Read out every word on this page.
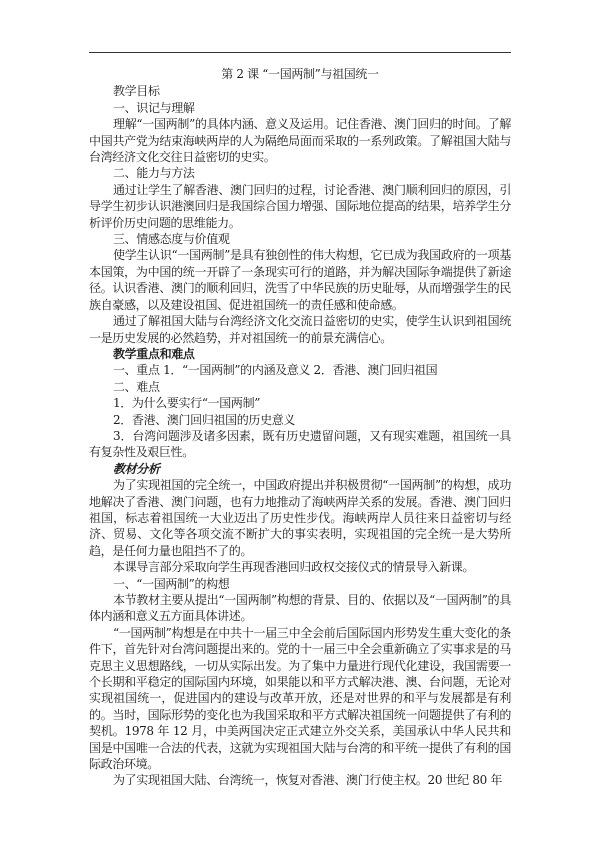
第 2 课 “一国两制”与祖国统一
教学目标
一、识记与理解

理解“一国两制”的具体内涵、意义及运用。记住香港、澳门回归的时间。了解中国共产党为结束海峡两岸的人为隔绝局面而采取的一系列政策。了解祖国大陆与台湾经济文化交往日益密切的史实。

二、能力与方法

通过让学生了解香港、澳门回归的过程，讨论香港、澳门顺利回归的原因，引导学生初步认识港澳回归是我国综合国力增强、国际地位提高的结果，培养学生分析评价历史问题的思维能力。

三、情感态度与价值观

使学生认识“一国两制”是具有独创性的伟大构想，它已成为我国政府的一项基本国策，为中国的统一开辟了一条现实可行的道路，并为解决国际争端提供了新途径。认识香港、澳门的顺利回归，洗雪了中华民族的历史耻辱，从而增强学生的民族自豪感，以及建设祖国、促进祖国统一的责任感和使命感。

通过了解祖国大陆与台湾经济文化交流日益密切的史实，使学生认识到祖国统一是历史发展的必然趋势，并对祖国统一的前景充满信心。

教学重点和难点
一、重点 1．“一国两制”的内涵及意义 2．香港、澳门回归祖国
二、难点
1．为什么要实行“一国两制”
2．香港、澳门回归祖国的历史意义

3．台湾问题涉及诸多因素，既有历史遗留问题，又有现实难题，祖国统一具有复杂性及艰巨性。

教材分析

为了实现祖国的完全统一，中国政府提出并积极贯彻“一国两制”的构想，成功地解决了香港、澳门问题，也有力地推动了海峡两岸关系的发展。香港、澳门回归祖国，标志着祖国统一大业迈出了历史性步伐。海峡两岸人员往来日益密切与经济、贸易、文化等各项交流不断扩大的事实表明，实现祖国的完全统一是大势所趋，是任何力量也阻挡不了的。

本课导言部分采取向学生再现香港回归政权交接仪式的情景导入新课。

一、“一国两制”的构想

本节教材主要从提出“一国两制”构想的背景、目的、依据以及“一国两制”的具体内涵和意义五方面具体讲述。

“一国两制”构想是在中共十一届三中全会前后国际国内形势发生重大变化的条件下，首先针对台湾问题提出来的。党的十一届三中全会重新确立了实事求是的马克思主义思想路线，一切从实际出发。为了集中力量进行现代化建设，我国需要一个长期和平稳定的国际国内环境，如果能以和平方式解决港、澳、台问题，无论对实现祖国统一，促进国内的建设与改革开放，还是对世界的和平与发展都是有利的。当时，国际形势的变化也为我国采取和平方式解决祖国统一问题提供了有利的契机。1978 年 12 月，中美两国决定正式建立外交关系，美国承认中华人民共和国是中国唯一合法的代表，这就为实现祖国大陆与台湾的和平统一提供了有利的国际政治环境。

为了实现祖国大陆、台湾统一，恢复对香港、澳门行使主权。20 世纪 80 年
